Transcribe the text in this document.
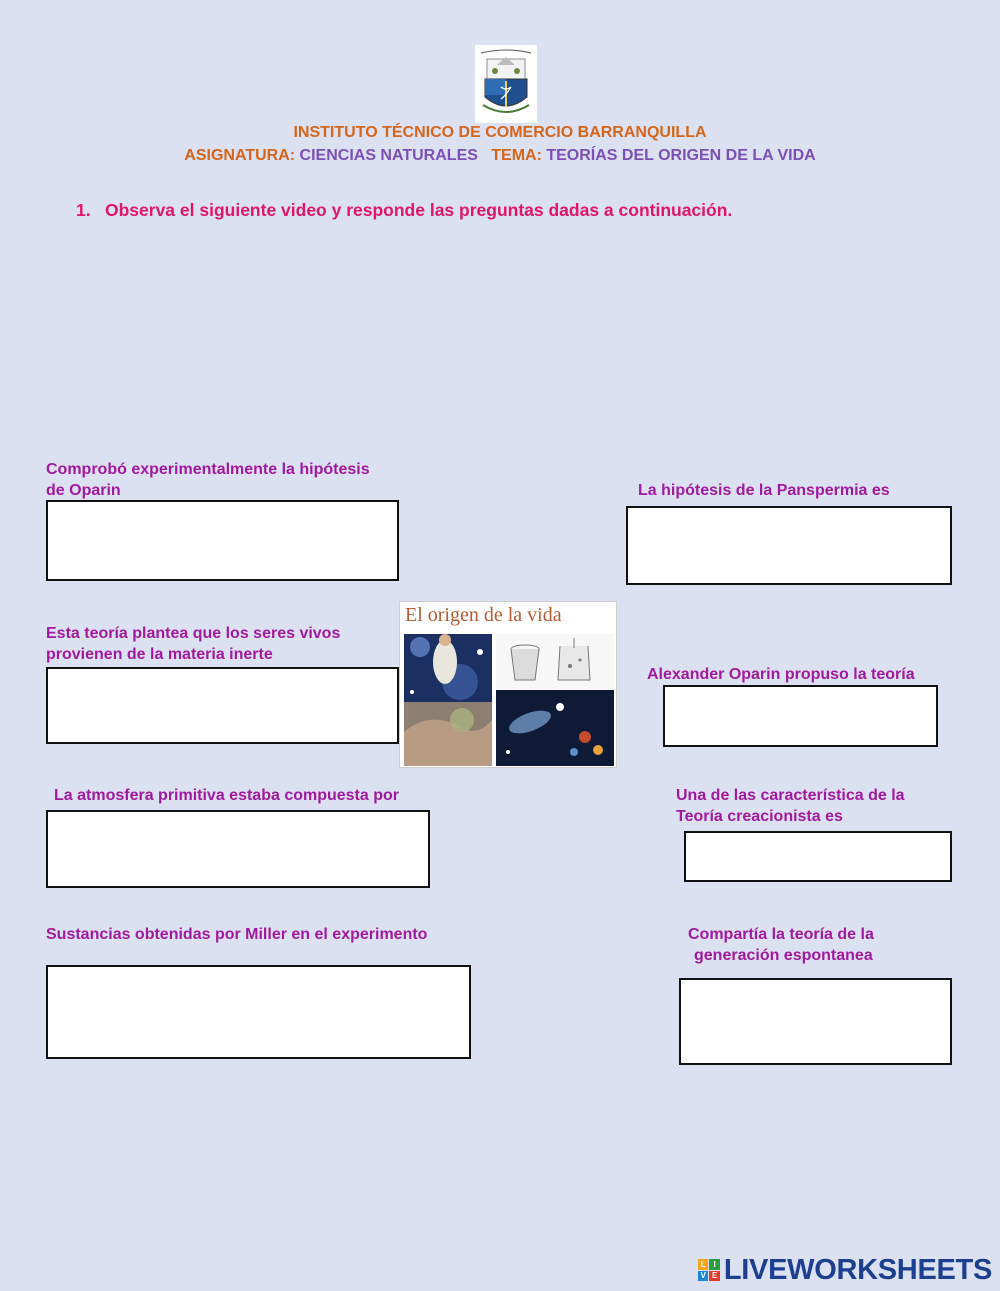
INSTITUTO TÉCNICO DE COMERCIO BARRANQUILLA
ASIGNATURA: CIENCIAS NATURALES TEMA: TEORÍAS DEL ORIGEN DE LA VIDA
1. Observa el siguiente video y responde las preguntas dadas a continuación.
Comprobó experimentalmente la hipótesis
de Oparin	La hipótesis de la Panspermia es
Esta teoría plantea que los seres vivos
provienen de la materia inerte
El origen de la vida
Alexander Oparin propuso la teoría
La atmosfera primitiva estaba compuesta por	Una de las característica de la
Teoría creacionista es
Sustancias obtenidas por Miller en el experimento	Compartía la teoría de la
generación espontanea
L I
V E LIVEWORKSHEETS
